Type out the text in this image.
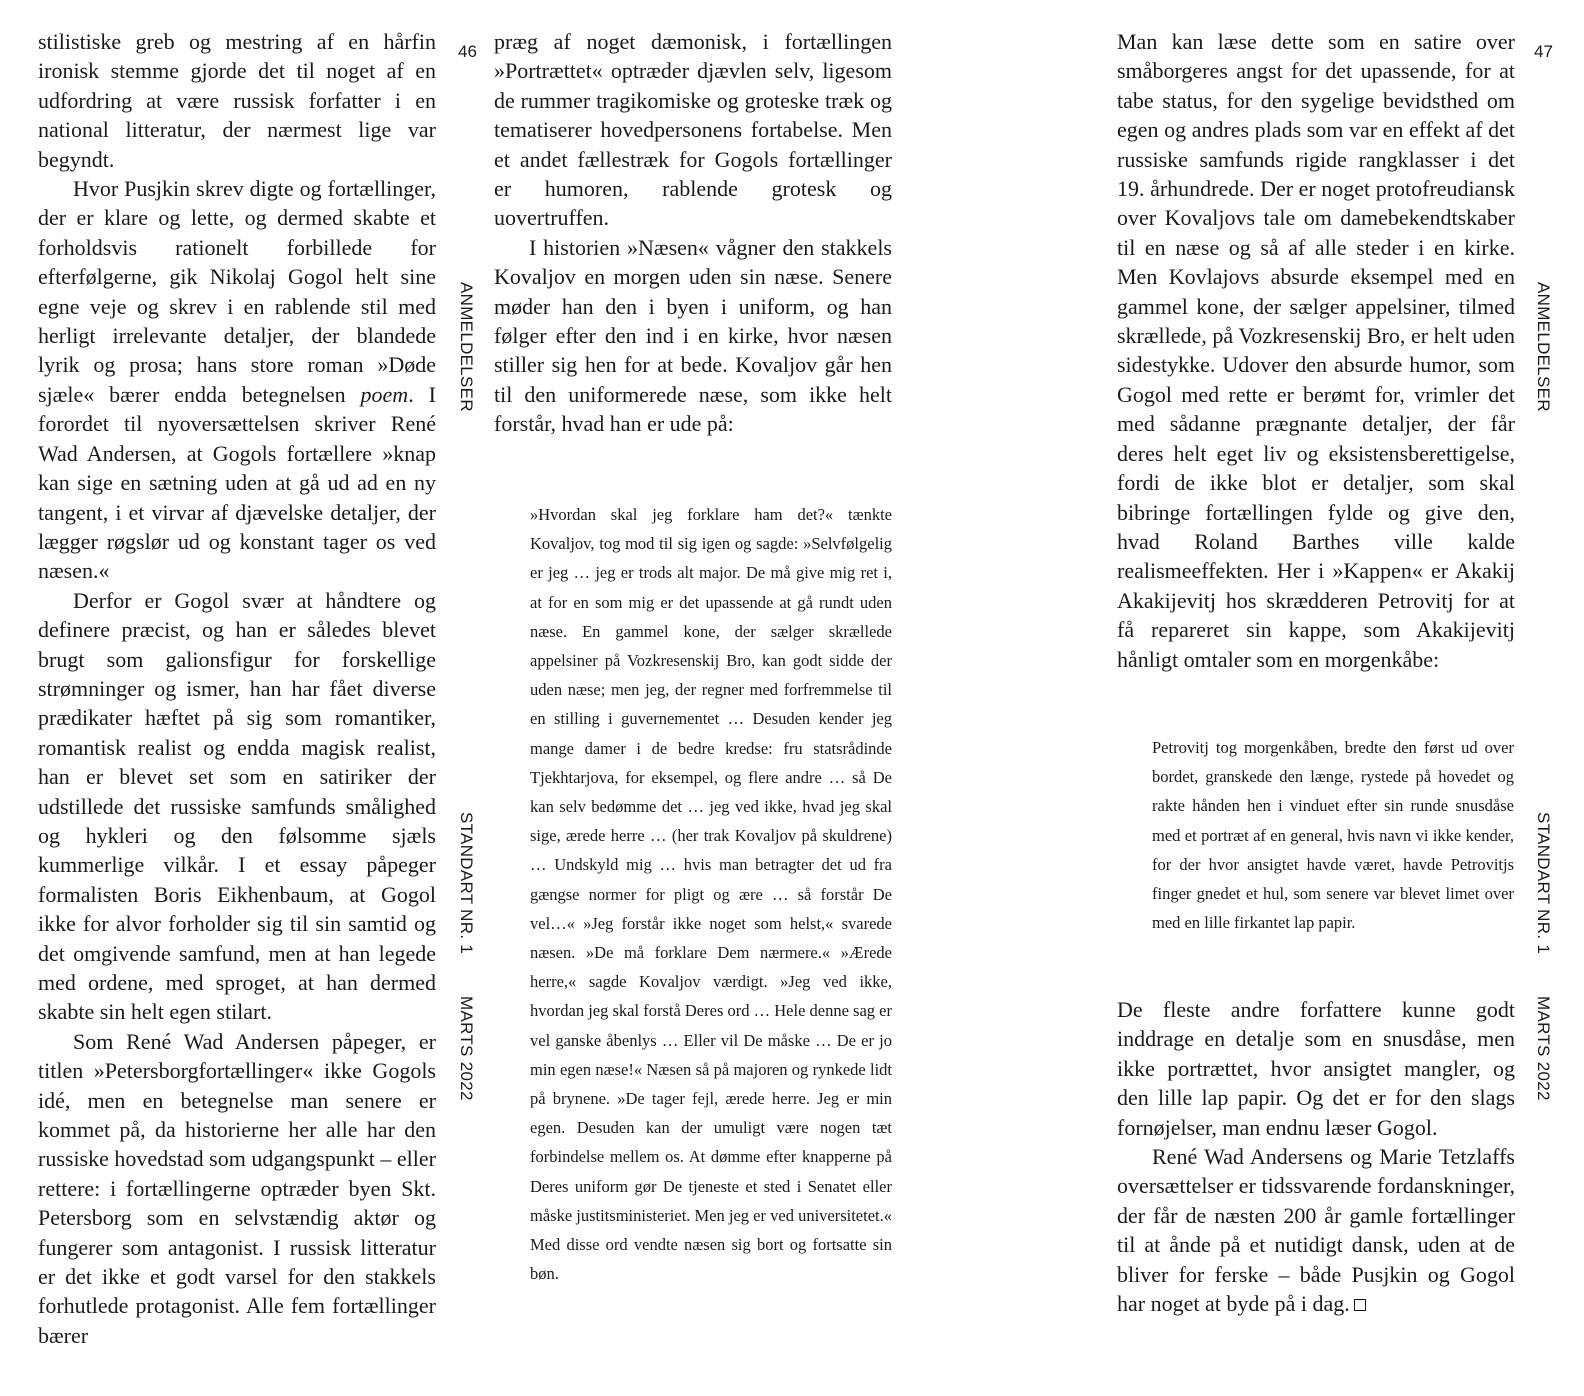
stilistiske greb og mestring af en hårfin ironisk stemme gjorde det til noget af en udfordring at være russisk forfatter i en national litteratur, der nærmest lige var begyndt.

Hvor Pusjkin skrev digte og fortællinger, der er klare og lette, og dermed skabte et forholdsvis rationelt forbillede for efterfølgerne, gik Nikolaj Gogol helt sine egne veje og skrev i en rablende stil med herligt irrelevante detaljer, der blandede lyrik og prosa; hans store roman »Døde sjæle« bærer endda betegnelsen poem. I forordet til nyoversættelsen skriver René Wad Andersen, at Gogols fortællere »knap kan sige en sætning uden at gå ud ad en ny tangent, i et virvar af djævelske detaljer, der lægger røgslør ud og konstant tager os ved næsen.«

Derfor er Gogol svær at håndtere og definere præcist, og han er således blevet brugt som galionsfigur for forskellige strømninger og ismer, han har fået diverse prædikater hæftet på sig som romantiker, romantisk realist og endda magisk realist, han er blevet set som en satiriker der udstillede det russiske samfunds smålighed og hykleri og den følsomme sjæls kummerlige vilkår. I et essay påpeger formalisten Boris Eikhenbaum, at Gogol ikke for alvor forholder sig til sin samtid og det omgivende samfund, men at han legede med ordene, med sproget, at han dermed skabte sin helt egen stilart.

Som René Wad Andersen påpeger, er titlen »Petersborgfortællinger« ikke Gogols idé, men en betegnelse man senere er kommet på, da historierne her alle har den russiske hovedstad som udgangspunkt – eller rettere: i fortællingerne optræder byen Skt. Petersborg som en selvstændig aktør og fungerer som antagonist. I russisk litteratur er det ikke et godt varsel for den stakkels forhutlede protagonist. Alle fem fortællinger bærer

46
ANMELDELSER
STANDART NR. 1
MARTS 2022

præg af noget dæmonisk, i fortællingen »Portrættet« optræder djævlen selv, ligesom de rummer tragikomiske og groteske træk og tematiserer hovedpersonens fortabelse. Men et andet fællestræk for Gogols fortællinger er humoren, rablende grotesk og uovertruffen.

I historien »Næsen« vågner den stakkels Kovaljov en morgen uden sin næse. Senere møder han den i byen i uniform, og han følger efter den ind i en kirke, hvor næsen stiller sig hen for at bede. Kovaljov går hen til den uniformerede næse, som ikke helt forstår, hvad han er ude på:

»Hvordan skal jeg forklare ham det?« tænkte Kovaljov, tog mod til sig igen og sagde: »Selvfølgelig er jeg … jeg er trods alt major. De må give mig ret i, at for en som mig er det upassende at gå rundt uden næse. En gammel kone, der sælger skrællede appelsiner på Vozkresenskij Bro, kan godt sidde der uden næse; men jeg, der regner med forfremmelse til en stilling i guvernementet … Desuden kender jeg mange damer i de bedre kredse: fru statsrådinde Tjekhtarjova, for eksempel, og flere andre … så De kan selv bedømme det … jeg ved ikke, hvad jeg skal sige, ærede herre … (her trak Kovaljov på skuldrene) … Undskyld mig … hvis man betragter det ud fra gængse normer for pligt og ære … så forstår De vel…« »Jeg forstår ikke noget som helst,« svarede næsen. »De må forklare Dem nærmere.« »Ærede herre,« sagde Kovaljov værdigt. »Jeg ved ikke, hvordan jeg skal forstå Deres ord … Hele denne sag er vel ganske åbenlys … Eller vil De måske … De er jo min egen næse!« Næsen så på majoren og rynkede lidt på brynene. »De tager fejl, ærede herre. Jeg er min egen. Desuden kan der umuligt være nogen tæt forbindelse mellem os. At dømme efter knapperne på Deres uniform gør De tjeneste et sted i Senatet eller måske justitsministeriet. Men jeg er ved universitetet.« Med disse ord vendte næsen sig bort og fortsatte sin bøn.

Man kan læse dette som en satire over småborgeres angst for det upassende, for at tabe status, for den sygelige bevidsthed om egen og andres plads som var en effekt af det russiske samfunds rigide rangklasser i det 19. århundrede. Der er noget protofreudiansk over Kovaljovs tale om damebekendtskaber til en næse og så af alle steder i en kirke. Men Kovlajovs absurde eksempel med en gammel kone, der sælger appelsiner, tilmed skrællede, på Vozkresenskij Bro, er helt uden sidestykke. Udover den absurde humor, som Gogol med rette er berømt for, vrimler det med sådanne prægnante detaljer, der får deres helt eget liv og eksistensberettigelse, fordi de ikke blot er detaljer, som skal bibringe fortællingen fylde og give den, hvad Roland Barthes ville kalde realismeeffekten. Her i »Kappen« er Akakij Akakijevitj hos skrædderen Petrovitj for at få repareret sin kappe, som Akakijevitj hånligt omtaler som en morgenkåbe:

Petrovitj tog morgenkåben, bredte den først ud over bordet, granskede den længe, rystede på hovedet og rakte hånden hen i vinduet efter sin runde snusdåse med et portræt af en general, hvis navn vi ikke kender, for der hvor ansigtet havde været, havde Petrovitjs finger gnedet et hul, som senere var blevet limet over med en lille firkantet lap papir.

De fleste andre forfattere kunne godt inddrage en detalje som en snusdåse, men ikke portrættet, hvor ansigtet mangler, og den lille lap papir. Og det er for den slags fornøjelser, man endnu læser Gogol.

René Wad Andersens og Marie Tetzlaffs oversættelser er tidssvarende fordanskninger, der får de næsten 200 år gamle fortællinger til at ånde på et nutidigt dansk, uden at de bliver for ferske – både Pusjkin og Gogol har noget at byde på i dag.

47
ANMELDELSER
STANDART NR. 1
MARTS 2022
